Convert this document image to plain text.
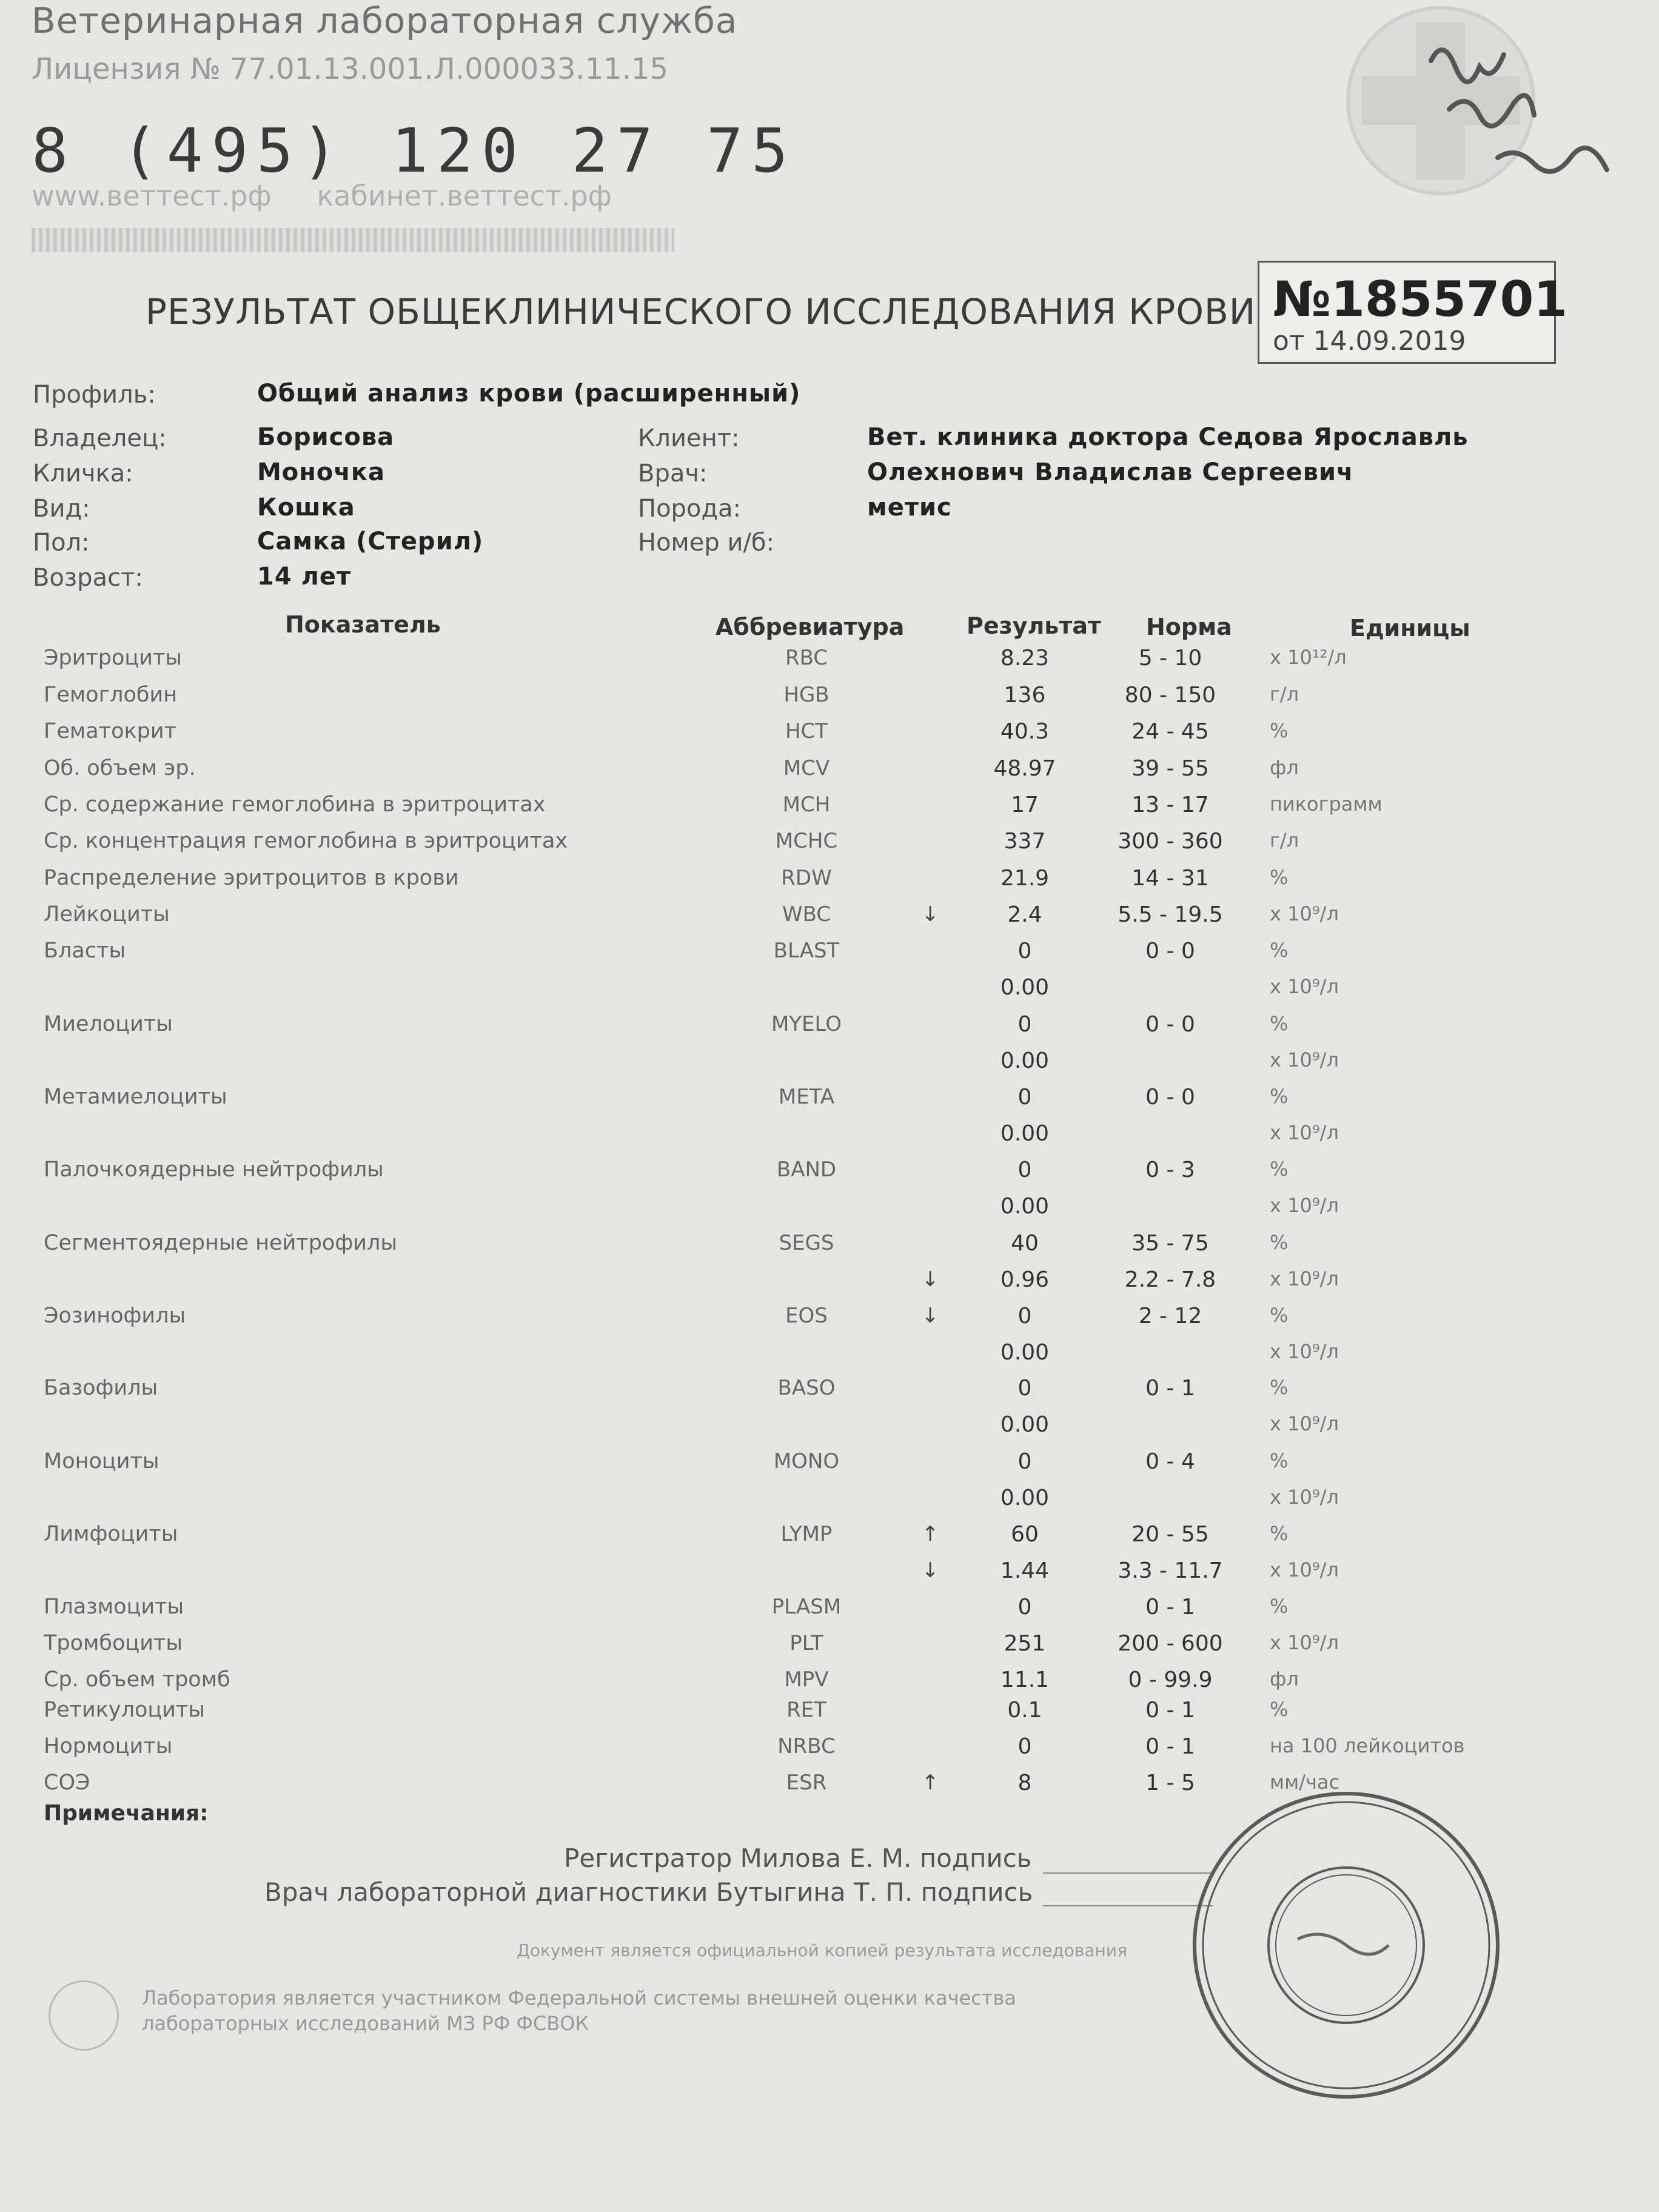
Ветеринарная лабораторная служба
Лицензия № 77.01.13.001.Л.000033.11.15
8 (495) 120 27 75
www.веттест.рф кабинет.веттест.рф
РЕЗУЛЬТАТ ОБЩЕКЛИНИЧЕСКОГО ИССЛЕДОВАНИЯ КРОВИ №1855701
от 14.09.2019
Профиль:	Общий анализ крови (расширенный)
Владелец:	Борисова	Клиент:	Вет. клиника доктора Седова Ярославль
Кличка:	Моночка	Врач:	Олехнович Владислав Сергеевич
Вид:	Кошка	Порода:	метис
Пол:	Самка (Стерил)	Номер и/б:
Возраст:	14 лет
Показатель	Аббревиатура	Результат Норма	Единицы
Эритроциты	RBC	8.23	5 - 10	x 10¹²/л
Гемоглобин	HGB	136	80 - 150	г/л
Гематокрит	HCT	40.3	24 - 45	%
Об. объем эр.	MCV	48.97	39 - 55	фл
Ср. содержание гемоглобина в эритроцитах	MCH	17	13 - 17	пикограмм
Ср. концентрация гемоглобина в эритроцитах	MCHC	337	300 - 360	г/л
Распределение эритроцитов в крови	RDW	21.9	14 - 31	%
Лейкоциты	WBC	↓	2.4	5.5 - 19.5	x 10⁹/л
Бласты	BLAST	0	0 - 0	%
0.00	x 10⁹/л
Миелоциты	MYELO	0	0 - 0	%
0.00	x 10⁹/л
Метамиелоциты	META	0	0 - 0	%
0.00	x 10⁹/л
Палочкоядерные нейтрофилы	BAND	0	0 - 3	%
0.00	x 10⁹/л
Сегментоядерные нейтрофилы	SEGS	40	35 - 75	%
↓	0.96	2.2 - 7.8	x 10⁹/л
Эозинофилы	EOS	↓	0	2 - 12	%
0.00	x 10⁹/л
Базофилы	BASO	0	0 - 1	%
0.00	x 10⁹/л
Моноциты	MONO	0	0 - 4	%
0.00	x 10⁹/л
Лимфоциты	LYMP	↑	60	20 - 55	%
↓	1.44	3.3 - 11.7	x 10⁹/л
Плазмоциты	PLASM	0	0 - 1	%
Тромбоциты	PLT	251	200 - 600	x 10⁹/л
Ср. объем тромб	MPV	11.1	0 - 99.9	фл
Ретикулоциты	RET	0.1	0 - 1	%
Нормоциты	NRBC	0	0 - 1	на 100 лейкоцитов
СОЭ	ESR	↑	8	1 - 5	мм/час
Примечания:
Регистратор Милова Е. М. подпись
Врач лабораторной диагностики Бутыгина Т. П. подпись
Документ является официальной копией результата исследования
Лаборатория является участником Федеральной системы внешней оценки качества
лабораторных исследований МЗ РФ ФСВОК
